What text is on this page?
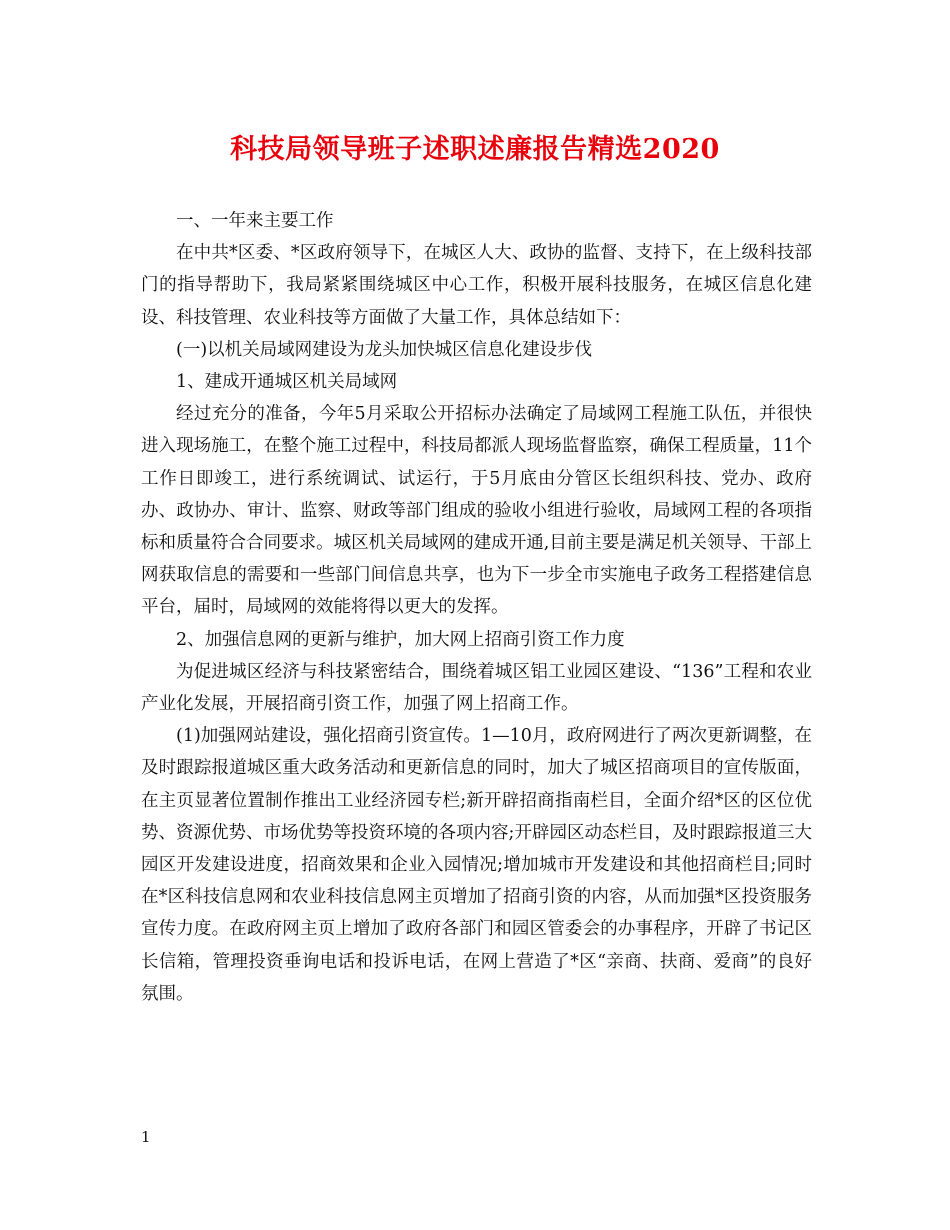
科技局领导班子述职述廉报告精选2020

一、一年来主要工作

在中共*区委、*区政府领导下，在城区人大、政协的监督、支持下，在上级科技部门的指导帮助下，我局紧紧围绕城区中心工作，积极开展科技服务，在城区信息化建设、科技管理、农业科技等方面做了大量工作，具体总结如下：

(一)以机关局域网建设为龙头加快城区信息化建设步伐

1、建成开通城区机关局域网

经过充分的准备，今年5月采取公开招标办法确定了局域网工程施工队伍，并很快进入现场施工，在整个施工过程中，科技局都派人现场监督监察，确保工程质量，11个工作日即竣工，进行系统调试、试运行，于5月底由分管区长组织科技、党办、政府办、政协办、审计、监察、财政等部门组成的验收小组进行验收，局域网工程的各项指标和质量符合合同要求。城区机关局域网的建成开通,目前主要是满足机关领导、干部上网获取信息的需要和一些部门间信息共享，也为下一步全市实施电子政务工程搭建信息平台，届时，局域网的效能将得以更大的发挥。

2、加强信息网的更新与维护，加大网上招商引资工作力度

为促进城区经济与科技紧密结合，围绕着城区铝工业园区建设、“136”工程和农业产业化发展，开展招商引资工作，加强了网上招商工作。

(1)加强网站建设，强化招商引资宣传。1—10月，政府网进行了两次更新调整，在及时跟踪报道城区重大政务活动和更新信息的同时，加大了城区招商项目的宣传版面，在主页显著位置制作推出工业经济园专栏;新开辟招商指南栏目，全面介绍*区的区位优势、资源优势、市场优势等投资环境的各项内容;开辟园区动态栏目，及时跟踪报道三大园区开发建设进度，招商效果和企业入园情况;增加城市开发建设和其他招商栏目;同时在*区科技信息网和农业科技信息网主页增加了招商引资的内容，从而加强*区投资服务宣传力度。在政府网主页上增加了政府各部门和园区管委会的办事程序，开辟了书记区长信箱，管理投资垂询电话和投诉电话，在网上营造了*区“亲商、扶商、爱商”的良好氛围。

1
